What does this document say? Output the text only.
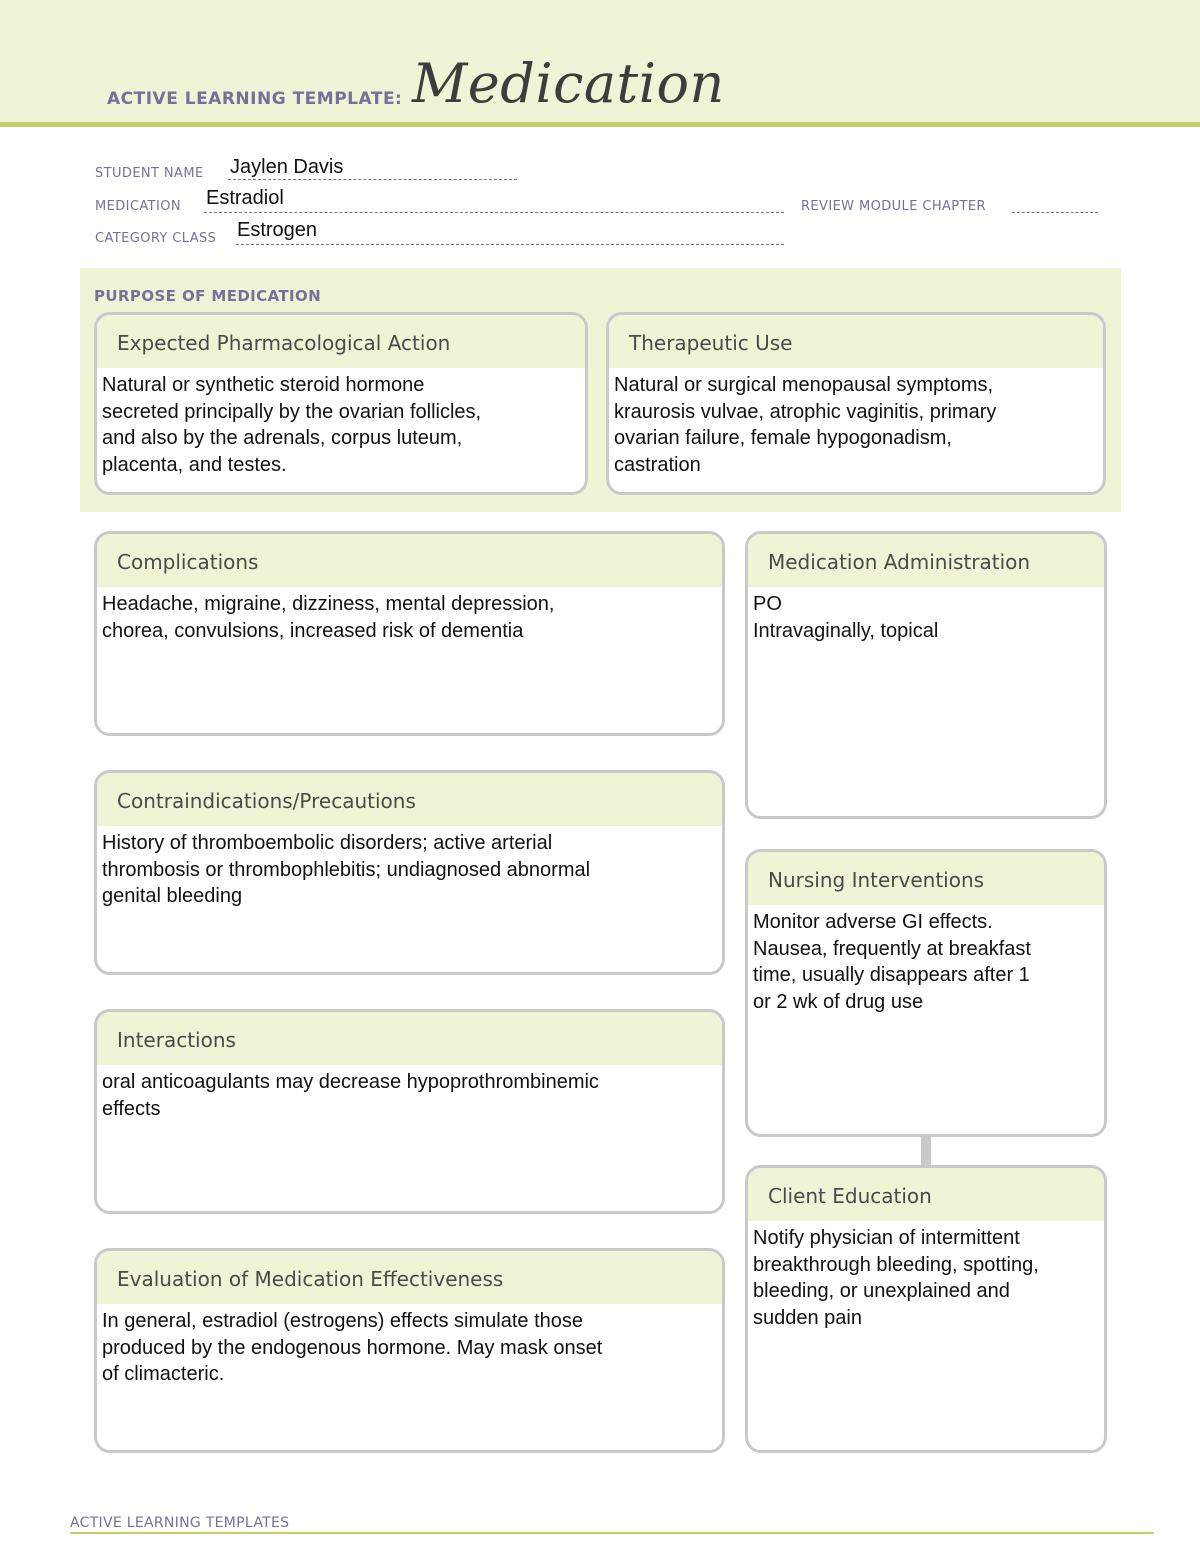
ACTIVE LEARNING TEMPLATE: Medication
STUDENT NAME Jaylen Davis
MEDICATION Estradiol	REVIEW MODULE CHAPTER
CATEGORY CLASS Estrogen
PURPOSE OF MEDICATION
Expected Pharmacological Action
Natural or synthetic steroid hormone
secreted principally by the ovarian follicles,
and also by the adrenals, corpus luteum,
placenta, and testes.
Therapeutic Use
Natural or surgical menopausal symptoms,
kraurosis vulvae, atrophic vaginitis, primary
ovarian failure, female hypogonadism,
castration
Complications
Headache, migraine, dizziness, mental depression,
chorea, convulsions, increased risk of dementia
Contraindications/Precautions
History of thromboembolic disorders; active arterial
thrombosis or thrombophlebitis; undiagnosed abnormal
genital bleeding
Interactions
oral anticoagulants may decrease hypoprothrombinemic
effects
Evaluation of Medication Effectiveness
In general, estradiol (estrogens) effects simulate those
produced by the endogenous hormone. May mask onset
of climacteric.
Medication Administration
PO
Intravaginally, topical
Nursing Interventions
Monitor adverse GI effects.
Nausea, frequently at breakfast
time, usually disappears after 1
or 2 wk of drug use
Client Education
Notify physician of intermittent
breakthrough bleeding, spotting,
bleeding, or unexplained and
sudden pain
ACTIVE LEARNING TEMPLATES
